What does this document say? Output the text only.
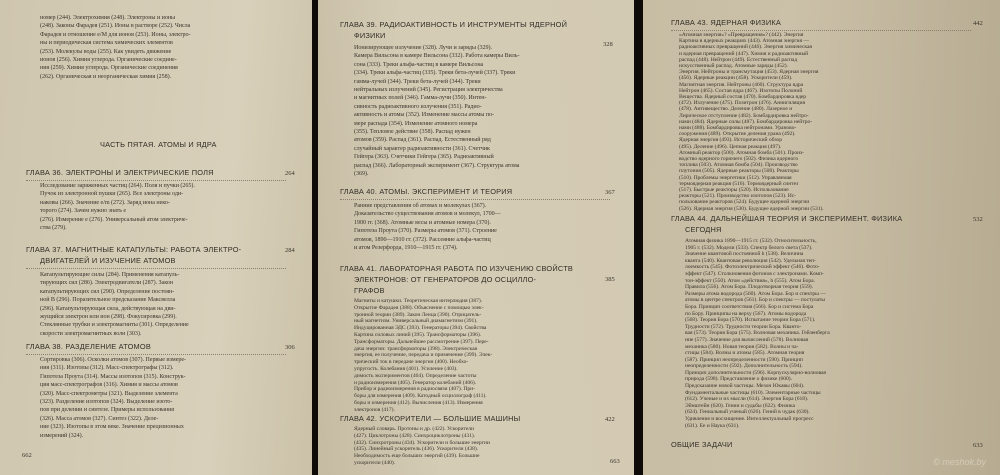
номер (244). Электрохимия (248). Электроны и ионы

(248). Законы Фарадея (251). Ионы в растворе (252). Числа

Фарадея и отношение e/M для ионов (253). Ионы, электро-

ны и периодическая система химических элементов

(253). Молекулы воды (255). Как увидеть движение

ионов (256). Химия углерода. Органические соедине-

ния (259). Химия углерода. Органические соединения

(262). Органическая и неорганическая химия (258).

ЧАСТЬ ПЯТАЯ. АТОМЫ И ЯДРА
ГЛАВА 36. ЭЛЕКТРОНЫ И ЭЛЕКТРИЧЕСКИЕ ПОЛЯ	264

Исследование заряженных частиц (264). Поля и пучки (265).

Пучок из электронной пушки (265). Все электроны оди-

наковы (266). Значение e/m (272). Заряд иона неко-

торого (274). Зачем нужно знать e

(276). Измерение e (276). Универсальный атом электриче-

ства (279).

ГЛАВА 37. МАГНИТНЫЕ КАТАПУЛЬТЫ: РАБОТА ЭЛЕКТРО-
ДВИГАТЕЛЕЙ И ИЗУЧЕНИЕ АТОМОВ
284

Катапультирующие силы (284). Применения катапуль-

тирующих сил (286). Электродвигатели (287). Закон

катапультирующих сил (290). Определение постоян-

ной B (296). Поразительное предсказание Максвелла

(296). Катапультирующая сила, действующая на дви-

жущийся электрон или ион (298). Фокусировка (299).

Стеклянные трубки и электромагниты (301). Определение

скорости электромагнитных волн (303).

ГЛАВА 38. РАЗДЕЛЕНИЕ АТОМОВ	306

Сортировка (306). Осколки атомов (307). Первые измере-

ния (311). Изотопы (312). Масс-спектрографы (312).

Гипотеза Проута (314). Массы изотопов (315). Конструк-

ция масс-спектрографов (316). Химия и массы атомов

(320). Масс-спектрометры (321). Выделение элемента

(323). Разделение изотопов (324). Выделение изото-

пов при делении и синтезе. Примеры использования

(326). Масса атомов (327). Синтез (322). Деле-

ние (323). Изотопы в этом веке. Значение прецизионных

измерений (324).

662
ГЛАВА 39. РАДИОАКТИВНОСТЬ И ИНСТРУМЕНТЫ ЯДЕРНОЙ
ФИЗИКИ
328

Ионизирующее излучение (328). Лучи и заряды (329).

Камера Вильсона в камере Вильсона (332). Работа камеры Виль-

сона (333). Треки альфа-частиц в камере Вильсона

(334). Треки альфа-частиц (335). Треки бета-лучей (337). Треки

гамма-лучей (344). Треки бета-лучей (344). Треки

нейтральных излучений (345). Регистрация электричества

и магнитных полей (346). Гамма-лучи (350). Интен-

сивность радиоактивного излучения (351). Радио-

активность и атомы (352). Изменение массы атомы по-

мере распада (354). Изменение атомного номера

(355). Тепловое действие (358). Распад нужен

атомов (359). Распад (361). Распад. Естественный ряд

случайный характер радиоактивности (361). Счетчик

Гейгера (363). Счетчики Гейгера (365). Радиоактивный

распад (366). Лабораторный эксперимент (367). Структура атома

(369).

ГЛАВА 40. АТОМЫ. ЭКСПЕРИМЕНТ И ТЕОРИЯ	367

Ранние представления об атомах и молекулах (367).

Доказательство существования атомов и молекул, 1700—

1900 гг. (368). Атомные весы и атомные номера (370).

Гипотеза Проута (370). Размеры атомов (371). Строение

атомов, 1890—1910 гг. (372). Рассеяние альфа-частиц

и атом Резерфорда, 1910—1915 гг. (374).

ГЛАВА 41. ЛАБОРАТОРНАЯ РАБОТА ПО ИЗУЧЕНИЮ СВОЙСТВ
ЭЛЕКТРОНОВ: ОТ ГЕНЕРАТОРОВ ДО ОСЦИЛЛО-
ГРАФОВ
385

Магниты и катушки. Теоретическая интерлюдия (387).

Открытие Фарадея (388). Объяснение с помощью элек-

тронной теории (389). Закон Ленца (390). Отрицатель-

ный магнетизм. Универсальный диамагнетизм (391).

Индуцированная ЭДС (393). Генераторы (394). Свойства

Картина силовых линий (395). Трансформаторы (396).

Трансформаторы. Дальнейшее рассмотрение (397). Пере-

дача энергии: трансформаторы (398). Электрическая

энергия, ее получение, передача и применение (399). Элек-

трический ток в передаче энергии (400). Необхо-

упругость. Колебания (401). Усиление (403).

димость экспериментов (404). Определение частоты

и радиоизмерения (405). Генератор колебаний (406).

Прибор и радиоизмерения в радиосвязи (407). При-

боры для измерения (409). Катодный осциллограф (411).

боры и измерения (412). Вычисления (413). Измерения

электронов (417).

ГЛАВА 42. УСКОРИТЕЛИ — БОЛЬШИЕ МАШИНЫ	422

Ядерный словарь. Протоны и др. (422). Ускорители

(427). Циклотроны (428). Синхроциклотроны (431).

(432). Синхротроны (434). Ускорители и большие энергии

(435). Линейный ускоритель (436). Ускорители (438).

Необходимость еще больших энергий (439). Большие

ускорители (440).	663
ГЛАВА 43. ЯДЕРНАЯ ФИЗИКА	442

«Атомная энергия»? «Превращения»? (442). Энергия

Картина в ядерных реакциях (443). Атомная энергия —

радиоактивных превращений (446). Энергия химическая

и ядерная превращений (447). Химия и радиоактивный

распад (448). Нейтрон (449). Естественный распад

искусственный распад. Атомные заряды (452).

Энергия. Нейтроны и трансмутация (453). Ядерная энергия

(456). Ядерные реакции (458). Ускорители (459).

Магнитная энергия. Нейтроны (460). Структура ядра

Нейтрон (465). Состав ядра (467). Изотопы Полоний

Вещества. Ядерный состав (470). Бомбардировка ядер

(472). Излучение (475). Позитрон (476). Аннигиляция

(478). Антивещество. Деление (480). Лазерное и

Лирическое отступление (482). Бомбардировка нейтро-

нами (484). Ядерные силы (487). Бомбардировка нейтро-

нами (488). Бомбардировка нейтронами. Ураново-

сооружения (489). Открытие деления урана (492).

Ядерная энергия (493). Исторический обзор

(495). Деление (496). Цепная реакция (497).

Атомный реактор (500). Атомная бомба (501). Произ-

водство ядерного горючего (502). Физика ядерного

топлива (503). Атомная бомба (504). Производство

плутония (505). Ядерные реакторы (508). Реакторы

(510). Проблемы энергетики (512). Управляемая

термоядерная реакция (516). Термоядерный синтез

(517). Быстрые реакторы (520). Использование

реакторы (521). Производство изотопов (523). Ис-

пользование реакторов (524). Будущее ядерной энергии

(526). Ядерная энергия (530). Будущее ядерной энергии (531).

ГЛАВА 44. ДАЛЬНЕЙШАЯ ТЕОРИЯ И ЭКСПЕРИМЕНТ. ФИЗИКА
СЕГОДНЯ
532

Атомная физика 1890—1915 гг. (532). Относительность,

1905 г. (532). Модели (533). Спектр белого света (537).

Значение квантовой постоянной h (538). Величина

кванта (540). Квантовая революция (542). Удельная теп-

лоемкость (545). Фотоэлектрический эффект (546). Фото-

эффект (547). Столкновения фотонов с электронами. Комп-

тон-эффект (550). Атом «действия», h (555). Атом Бора.

Правила (556). Атом Бора. Плодотворная теория (559).

Размеры атома водорода (560). Атом Бора. Бор и спектры —

атомы в центре спектров (561). Бор и спектры — постулаты

Бора. Принцип соответствия (566). Бор и система Бора

по Бору. Принципы на верху (567). Атомы водорода

(568). Теория Бора (570). Испытание теории Бора (571).

Трудности (572). Трудности теории Бора. Кванто-

вая (573). Теория Бора (575). Волновая механика. Гейзенберга

ние (577). Значение для вычислений (578). Волновая

механика (580). Новая теория (582). Волны и ча-

стицы (584). Волны и атомы (585). Атомная теория

(587). Принцип неопределенности (590). Принцип

неопределенности (592). Дополнительность (594).

Принцип дополнительности (596). Корпускулярно-волновая

природа (598). Представление о физике (600).

Предсказание новой частицы. Мезон Юкавы (604).

Фундаментальные частицы (610). Элементарные частицы

(612). Ученые и их мысли (614). Энергия Бора (618).

Эйнштейн (620). Гении и судьбы (622). Физика

(624). Гениальный ученый (626). Гений в чудак (630).

Удивление и восхищение. Интеллектуальный прогресс

(631). Ее и Наука (631).

ОБЩИЕ ЗАДАЧИ	633
© meshok.by
